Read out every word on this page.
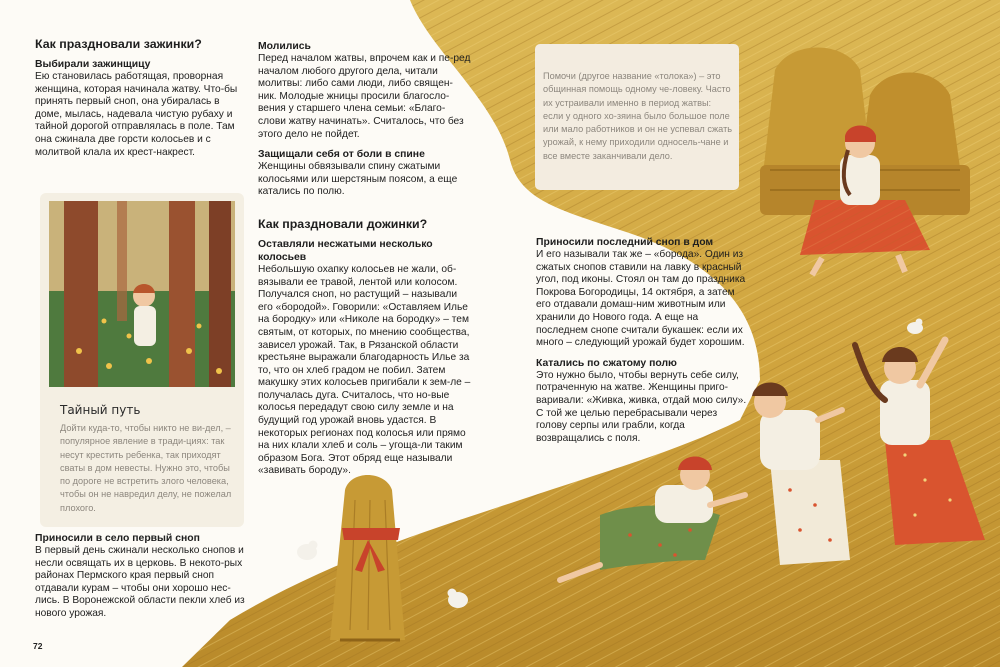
Как праздновали зажинки?
Выбирали зажинщицу

Ею становилась работящая, проворная женщина, которая начинала жатву. Что-бы принять первый сноп, она убиралась в доме, мылась, надевала чистую рубаху и тайной дорогой отправлялась в поле. Там она сжинала две горсти колосьев и с молитвой клала их крест-накрест.

Тайный путь
Дойти куда-то, чтобы никто не ви-дел, – популярное явление в тради-циях: так несут крестить ребенка, так приходят сваты в дом невесты. Нужно это, чтобы по дороге не встретить злого человека, чтобы он не навредил делу, не пожелал плохого.
Приносили в село первый сноп

В первый день сжинали несколько снопов и несли освящать их в церковь. В некото-рых районах Пермского края первый сноп отдавали курам – чтобы они хорошо нес-лись. В Воронежской области пекли хлеб из нового урожая.

Молились

Перед началом жатвы, впрочем как и пе-ред началом любого другого дела, читали молитвы: либо сами люди, либо священ-ник. Молодые жницы просили благосло-вения у старшего члена семьи: «Благо-слови жатву начинать». Считалось, что без этого дело не пойдет.

Защищали себя от боли в спине

Женщины обвязывали спину сжатыми колосьями или шерстяным поясом, а еще катались по полю.

Как праздновали дожинки?
Оставляли несжатыми несколько колосьев

Небольшую охапку колосьев не жали, об-вязывали ее травой, лентой или колосом. Получался сноп, но растущий – называли его «бородой». Говорили: «Оставляем Илье на бородку» или «Николе на бородку» – тем святым, от которых, по мнению сообщества, зависел урожай. Так, в Рязанской области крестьяне выражали благодарность Илье за то, что он хлеб градом не побил. Затем макушку этих колосьев пригибали к зем-ле – получалась дуга. Считалось, что но-вые колосья передадут свою силу земле и на будущий год урожай вновь удастся. В некоторых регионах под колосья или прямо на них клали хлеб и соль – угоща-ли таким образом Бога. Этот обряд еще называли «завивать бороду».

Помочи (другое название «толока») – это общинная помощь одному че-ловеку. Часто их устраивали именно в период жатвы: если у одного хо-зяина было большое поле или мало работников и он не успевал сжать урожай, к нему приходили односель-чане и все вместе заканчивали дело.
Приносили последний сноп в дом

И его называли так же – «борода». Один из сжатых снопов ставили на лавку в красный угол, под иконы. Стоял он там до праздника Покрова Богородицы, 14 октября, а затем его отдавали домаш-ним животным или хранили до Нового года. А еще на последнем снопе считали букашек: если их много – следующий урожай будет хорошим.

Катались по сжатому полю

Это нужно было, чтобы вернуть себе силу, потраченную на жатве. Женщины приго-варивали: «Живка, живка, отдай мою силу». С той же целью перебрасывали через голову серпы или грабли, когда возвращались с поля.

72
